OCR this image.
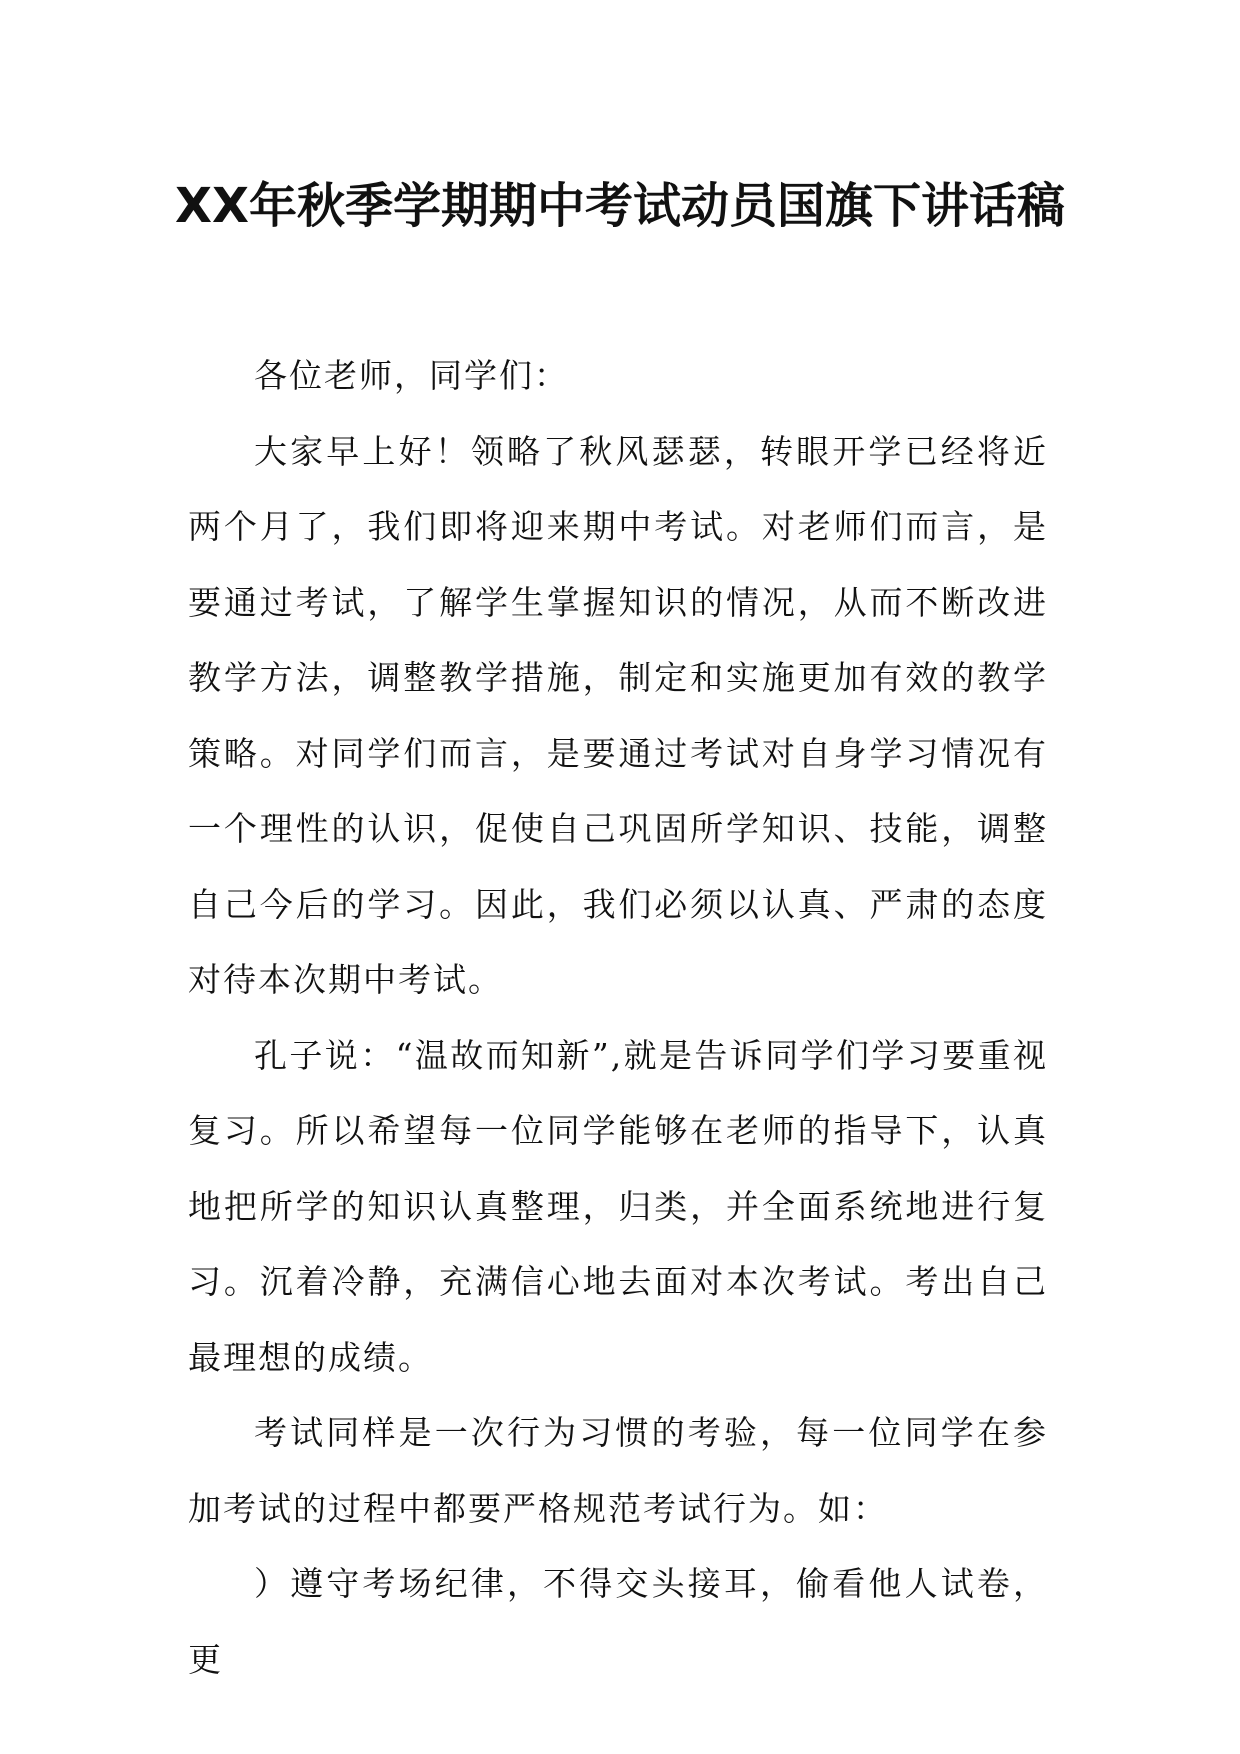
XX年秋季学期期中考试动员国旗下讲话稿

各位老师，同学们：

大家早上好！领略了秋风瑟瑟，转眼开学已经将近两个月了，我们即将迎来期中考试。对老师们而言，是要通过考试，了解学生掌握知识的情况，从而不断改进教学方法，调整教学措施，制定和实施更加有效的教学策略。对同学们而言，是要通过考试对自身学习情况有一个理性的认识，促使自己巩固所学知识、技能，调整自己今后的学习。因此，我们必须以认真、严肃的态度对待本次期中考试。

孔子说：“温故而知新”,就是告诉同学们学习要重视复习。所以希望每一位同学能够在老师的指导下，认真地把所学的知识认真整理，归类，并全面系统地进行复习。沉着冷静，充满信心地去面对本次考试。考出自己最理想的成绩。

考试同样是一次行为习惯的考验，每一位同学在参加考试的过程中都要严格规范考试行为。如：

）遵守考场纪律，不得交头接耳，偷看他人试卷，更
